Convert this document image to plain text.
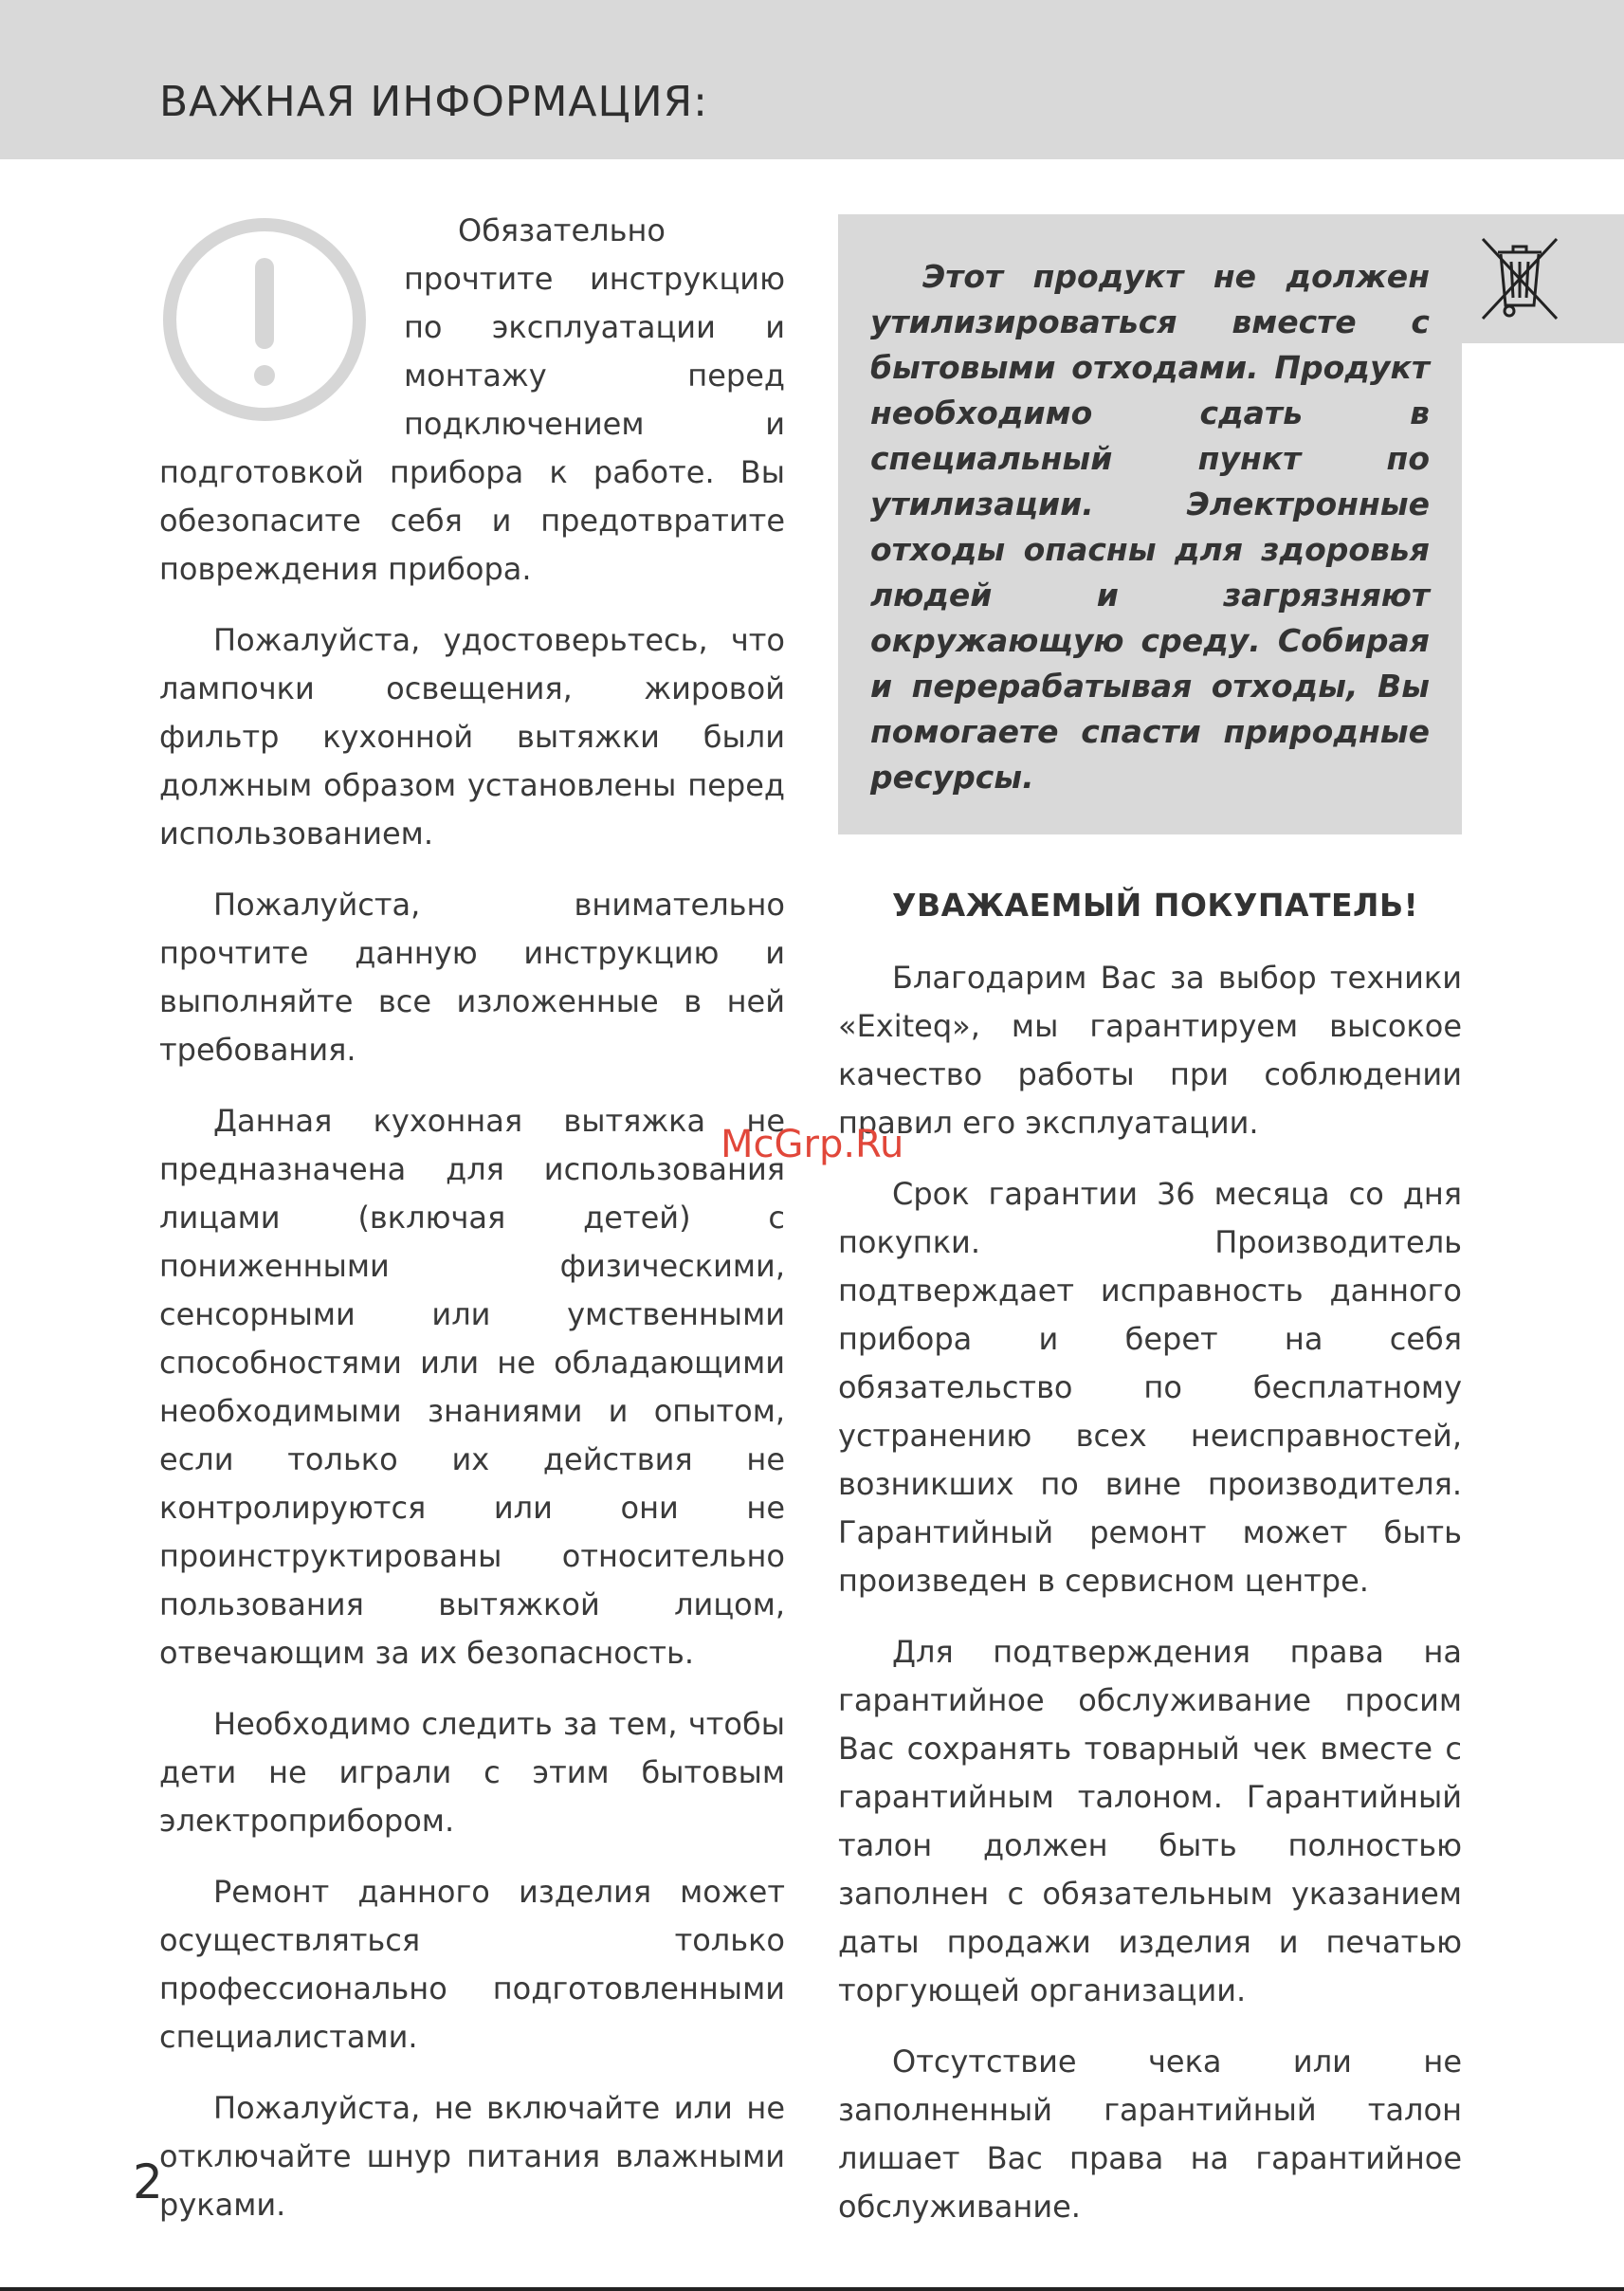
ВАЖНАЯ ИНФОРМАЦИЯ:

Обязательно прочтите инструкцию по эксплуатации и монтажу перед подключением и подготовкой прибора к работе. Вы обезопасите себя и предотвратите повреждения прибора.

Пожалуйста, удостоверьтесь, что лампочки освещения, жировой фильтр кухонной вытяжки были должным образом установлены перед использованием.

Пожалуйста, внимательно прочтите данную инструкцию и выполняйте все изложенные в ней требования.

Данная кухонная вытяжка не предназначена для использования лицами (включая детей) с пониженными физическими, сенсорными или умственными способностями или не обладающими необходимыми знаниями и опытом, если только их действия не контролируются или они не проинструктированы относительно пользования вытяжкой лицом, отвечающим за их безопасность.

Необходимо следить за тем, чтобы дети не играли с этим бытовым электроприбором.

Ремонт данного изделия может осуществляться только профессионально подготовленными специалистами.

Пожалуйста, не включайте или не отключайте шнур питания влажными руками.

Этот продукт не должен утилизироваться вместе с бытовыми отходами. Продукт необходимо сдать в специальный пункт по утилизации. Электронные отходы опасны для здоровья людей и загрязняют окружающую среду. Собирая и перерабатывая отходы, Вы помогаете спасти природные ресурсы.

УВАЖАЕМЫЙ ПОКУПАТЕЛЬ!

Благодарим Вас за выбор техники «Exiteq», мы гарантируем высокое качество работы при соблюдении правил его эксплуатации.

Срок гарантии 36 месяца со дня покупки. Производитель подтверждает исправность данного прибора и берет на себя обязательство по бесплатному устранению всех неисправностей, возникших по вине производителя. Гарантийный ремонт может быть произведен в сервисном центре.

Для подтверждения права на гарантийное обслуживание просим Вас сохранять товарный чек вместе с гарантийным талоном. Гарантийный талон должен быть полностью заполнен с обязательным указанием даты продажи изделия и печатью торгующей организации.

Отсутствие чека или не заполненный гарантийный талон лишает Вас права на гарантийное обслуживание.

McGrp.Ru
2
